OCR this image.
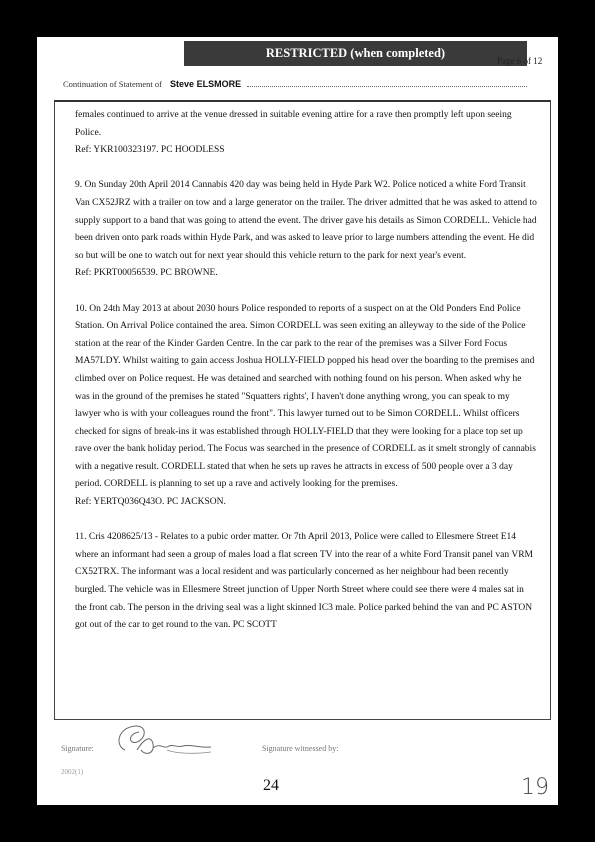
RESTRICTED (when completed)
Page 6 of 12
Continuation of Statement of Steve ELSMORE

females continued to arrive at the venue dressed in suitable evening attire for a rave then promptly left upon seeing Police.

Ref: YKR100323197. PC HOODLESS

9. On Sunday 20th April 2014 Cannabis 420 day was being held in Hyde Park W2. Police noticed a white Ford Transit Van CX52JRZ with a trailer on tow and a large generator on the trailer. The driver admitted that he was asked to attend to supply support to a band that was going to attend the event. The driver gave his details as Simon CORDELL. Vehicle had been driven onto park roads within Hyde Park, and was asked to leave prior to large numbers attending the event. He did so but will be one to watch out for next year should this vehicle return to the park for next year's event.

Ref: PKRT00056539. PC BROWNE.

10. On 24th May 2013 at about 2030 hours Police responded to reports of a suspect on at the Old Ponders End Police Station. On Arrival Police contained the area. Simon CORDELL was seen exiting an alleyway to the side of the Police station at the rear of the Kinder Garden Centre. In the car park to the rear of the premises was a Silver Ford Focus MA57LDY. Whilst waiting to gain access Joshua HOLLY-FIELD popped his head over the boarding to the premises and climbed over on Police request. He was detained and searched with nothing found on his person. When asked why he was in the ground of the premises he stated "Squatters rights', I haven't done anything wrong, you can speak to my lawyer who is with your colleagues round the front". This lawyer turned out to be Simon CORDELL. Whilst officers checked for signs of break-ins it was established through HOLLY-FIELD that they were looking for a place top set up rave over the bank holiday period. The Focus was searched in the presence of CORDELL as it smelt strongly of cannabis with a negative result. CORDELL stated that when he sets up raves he attracts in excess of 500 people over a 3 day period. CORDELL is planning to set up a rave and actively looking for the premises.

Ref: YERTQ036Q43O. PC JACKSON.

11. Cris 4208625/13 - Relates to a pubic order matter. Or 7th April 2013, Police were called to Ellesmere Street E14 where an informant had seen a group of males load a flat screen TV into the rear of a white Ford Transit panel van VRM CX52TRX. The informant was a local resident and was particularly concerned as her neighbour had been recently burgled. The vehicle was in Ellesmere Street junction of Upper North Street where could see there were 4 males sat in the front cab. The person in the driving seal was a light skinned IC3 male. Police parked behind the van and PC ASTON got out of the car to get round to the van. PC SCOTT

Signature:	Signature witnessed by:
2002(1)
24	19
